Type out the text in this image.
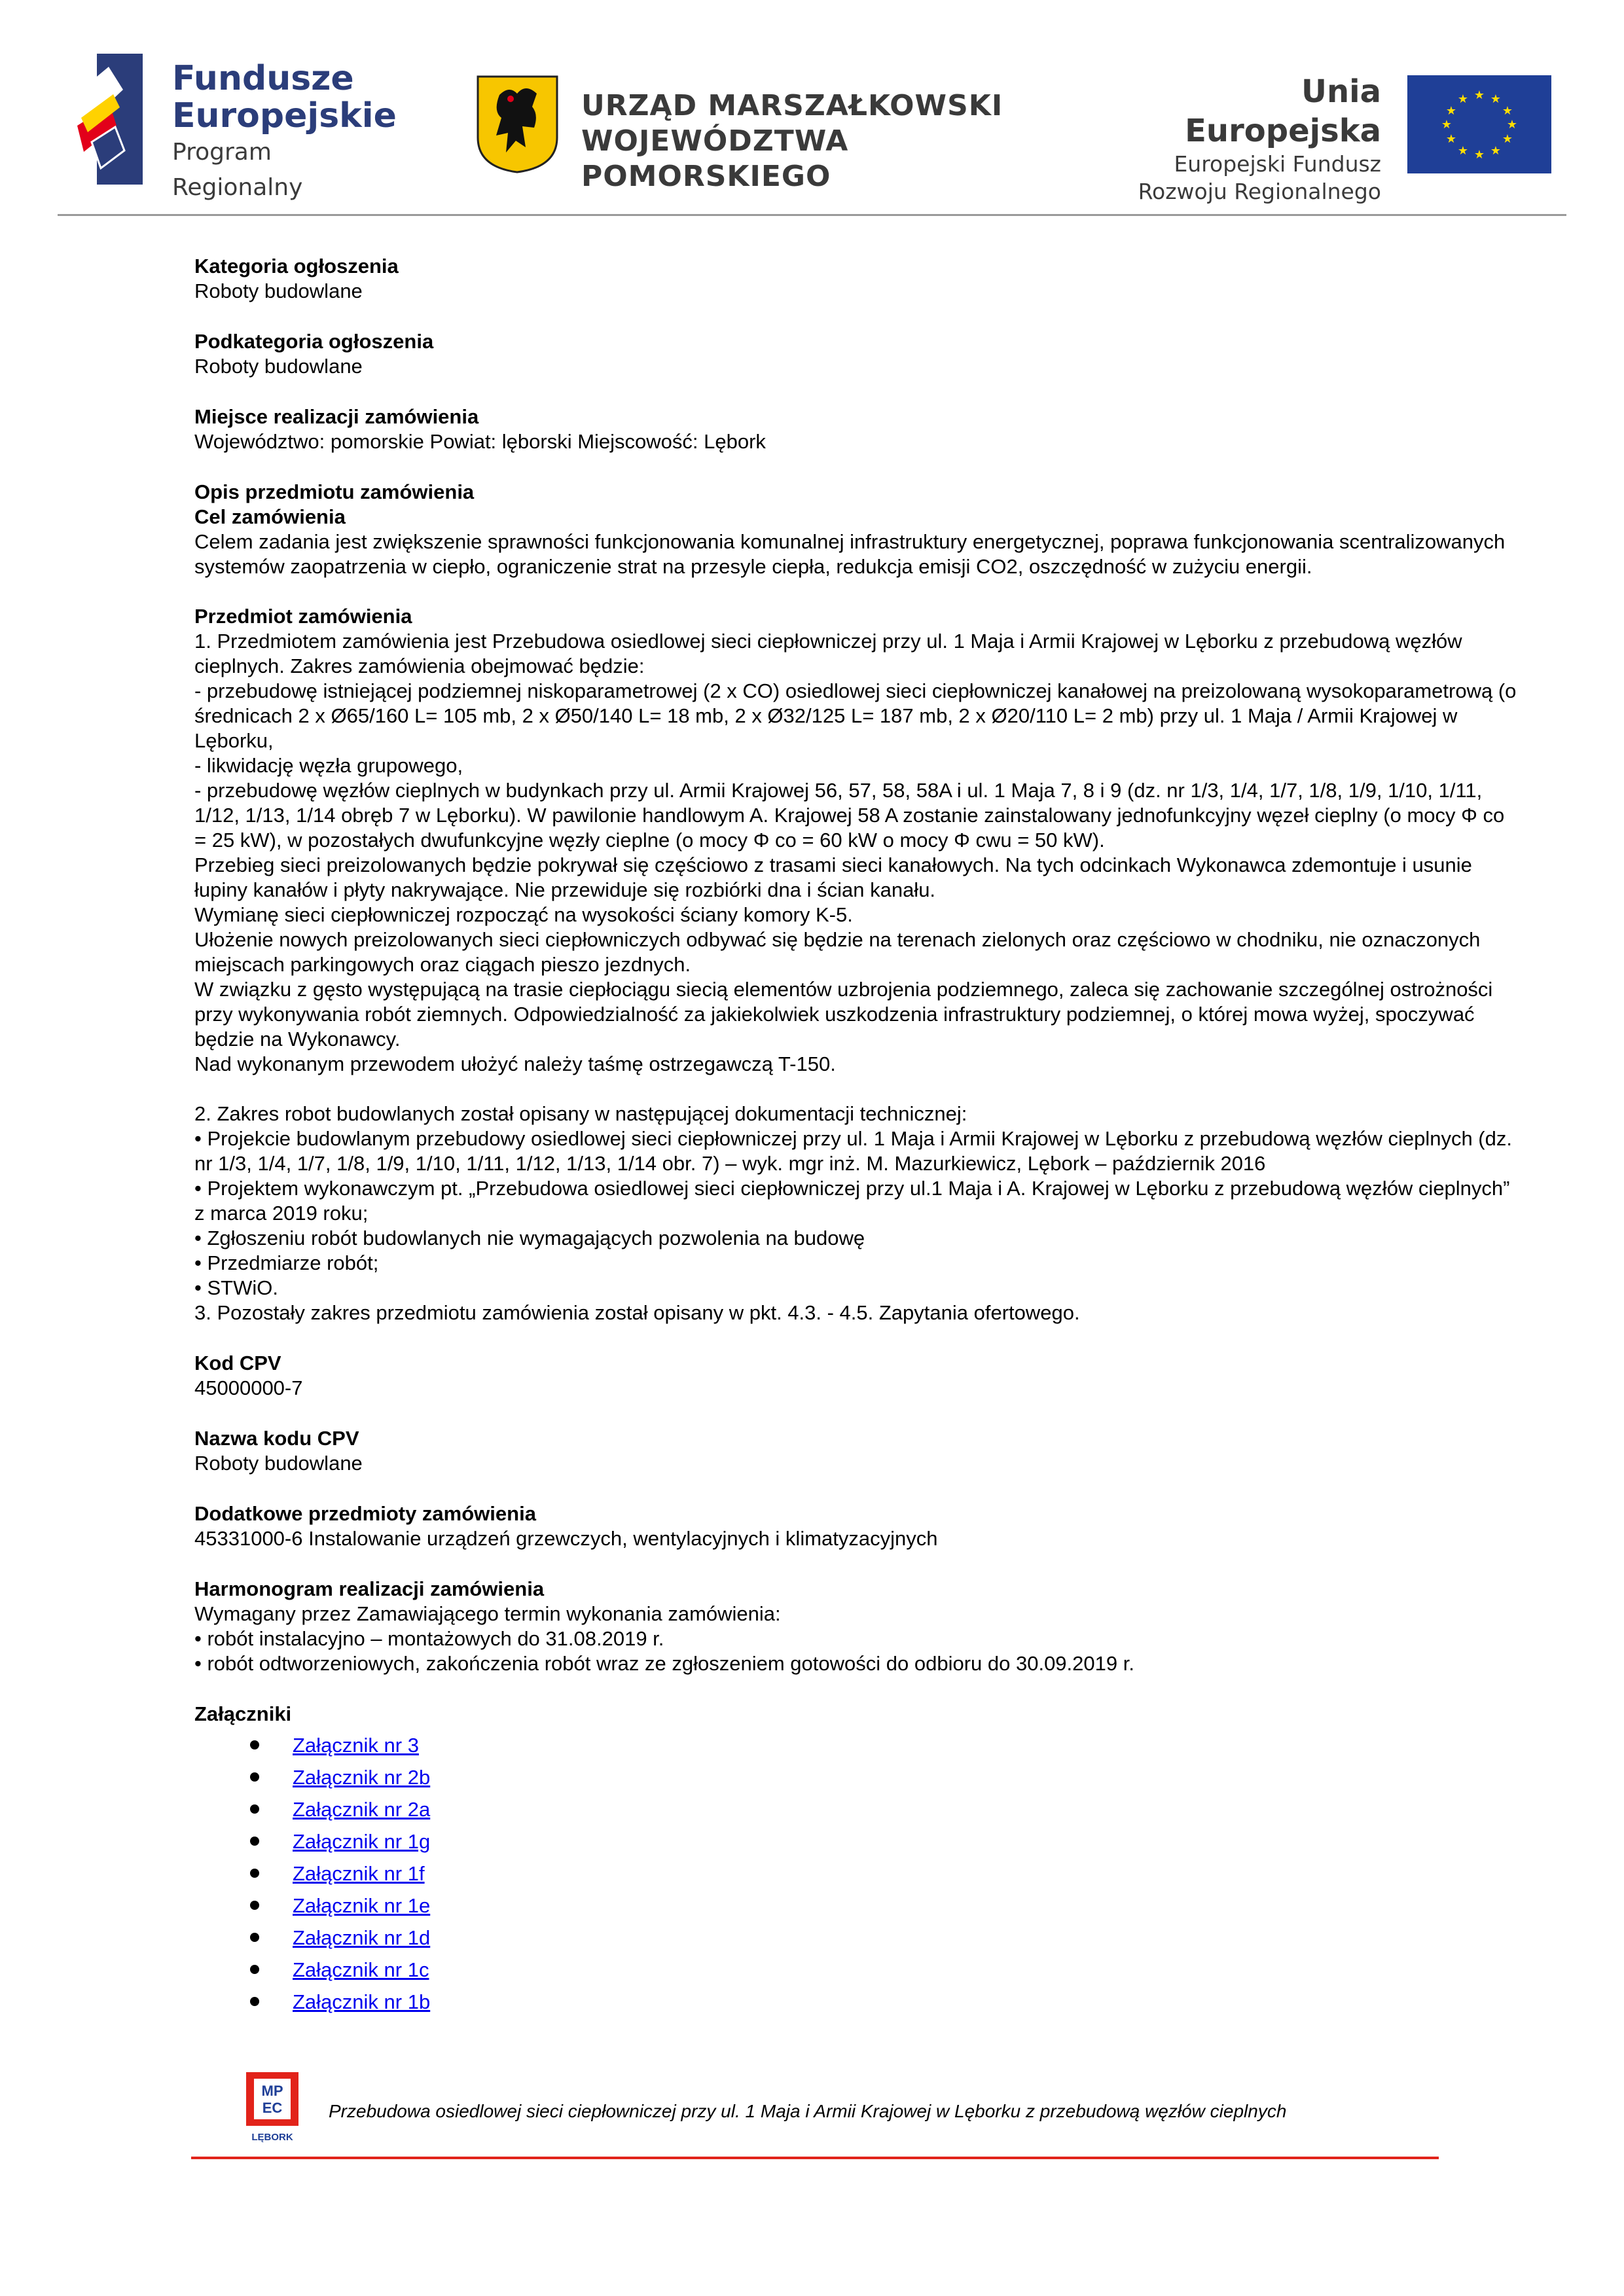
Fundusze
Europejskie
Program Regionalny
URZĄD MARSZAŁKOWSKI
WOJEWÓDZTWA POMORSKIEGO
Unia Europejska
Europejski Fundusz
Rozwoju Regionalnego
★ ★
★
★
★
★
★
★
★
★
★
★
Kategoria ogłoszenia
Roboty budowlane
Podkategoria ogłoszenia
Roboty budowlane
Miejsce realizacji zamówienia
Województwo: pomorskie Powiat: lęborski Miejscowość: Lębork
Opis przedmiotu zamówienia
Cel zamówienia
Celem zadania jest zwiększenie sprawności funkcjonowania komunalnej infrastruktury energetycznej, poprawa funkcjonowania scentralizowanych systemów zaopatrzenia w ciepło, ograniczenie strat na przesyle ciepła, redukcja emisji CO2, oszczędność w zużyciu energii.
Przedmiot zamówienia
1. Przedmiotem zamówienia jest Przebudowa osiedlowej sieci ciepłowniczej przy ul. 1 Maja i Armii Krajowej w Lęborku z przebudową węzłów cieplnych. Zakres zamówienia obejmować będzie:
- przebudowę istniejącej podziemnej niskoparametrowej (2 x CO) osiedlowej sieci ciepłowniczej kanałowej na preizolowaną wysokoparametrową (o średnicach 2 x Ø65/160 L= 105 mb, 2 x Ø50/140 L= 18 mb, 2 x Ø32/125 L= 187 mb, 2 x Ø20/110 L= 2 mb) przy ul. 1 Maja / Armii Krajowej w Lęborku,
- likwidację węzła grupowego,
- przebudowę węzłów cieplnych w budynkach przy ul. Armii Krajowej 56, 57, 58, 58A i ul. 1 Maja 7, 8 i 9 (dz. nr 1/3, 1/4, 1/7, 1/8, 1/9, 1/10, 1/11, 1/12, 1/13, 1/14 obręb 7 w Lęborku). W pawilonie handlowym A. Krajowej 58 A zostanie zainstalowany jednofunkcyjny węzeł cieplny (o mocy Φ co = 25 kW), w pozostałych dwufunkcyjne węzły cieplne (o mocy Φ co = 60 kW o mocy Φ cwu = 50 kW).
Przebieg sieci preizolowanych będzie pokrywał się częściowo z trasami sieci kanałowych. Na tych odcinkach Wykonawca zdemontuje i usunie łupiny kanałów i płyty nakrywające. Nie przewiduje się rozbiórki dna i ścian kanału.
Wymianę sieci ciepłowniczej rozpocząć na wysokości ściany komory K-5.
Ułożenie nowych preizolowanych sieci ciepłowniczych odbywać się będzie na terenach zielonych oraz częściowo w chodniku, nie oznaczonych miejscach parkingowych oraz ciągach pieszo jezdnych.
W związku z gęsto występującą na trasie ciepłociągu siecią elementów uzbrojenia podziemnego, zaleca się zachowanie szczególnej ostrożności przy wykonywania robót ziemnych. Odpowiedzialność za jakiekolwiek uszkodzenia infrastruktury podziemnej, o której mowa wyżej, spoczywać będzie na Wykonawcy.
Nad wykonanym przewodem ułożyć należy taśmę ostrzegawczą T-150.
2. Zakres robot budowlanych został opisany w następującej dokumentacji technicznej:
• Projekcie budowlanym przebudowy osiedlowej sieci ciepłowniczej przy ul. 1 Maja i Armii Krajowej w Lęborku z przebudową węzłów cieplnych (dz. nr 1/3, 1/4, 1/7, 1/8, 1/9, 1/10, 1/11, 1/12, 1/13, 1/14 obr. 7) – wyk. mgr inż. M. Mazurkiewicz, Lębork – październik 2016
• Projektem wykonawczym pt. „Przebudowa osiedlowej sieci ciepłowniczej przy ul.1 Maja i A. Krajowej w Lęborku z przebudową węzłów cieplnych” z marca 2019 roku;
• Zgłoszeniu robót budowlanych nie wymagających pozwolenia na budowę
• Przedmiarze robót;
• STWiO.
3. Pozostały zakres przedmiotu zamówienia został opisany w pkt. 4.3. - 4.5. Zapytania ofertowego.
Kod CPV
45000000-7
Nazwa kodu CPV
Roboty budowlane
Dodatkowe przedmioty zamówienia
45331000-6 Instalowanie urządzeń grzewczych, wentylacyjnych i klimatyzacyjnych
Harmonogram realizacji zamówienia
Wymagany przez Zamawiającego termin wykonania zamówienia:
• robót instalacyjno – montażowych do 31.08.2019 r.
• robót odtworzeniowych, zakończenia robót wraz ze zgłoszeniem gotowości do odbioru do 30.09.2019 r.
Załączniki
Załącznik nr 3
Załącznik nr 2b
Załącznik nr 2a
Załącznik nr 1g
Załącznik nr 1f
Załącznik nr 1e
Załącznik nr 1d
Załącznik nr 1c
Załącznik nr 1b
MP
EC
LĘBORK
Przebudowa osiedlowej sieci ciepłowniczej przy ul. 1 Maja i Armii Krajowej w Lęborku z przebudową węzłów cieplnych
